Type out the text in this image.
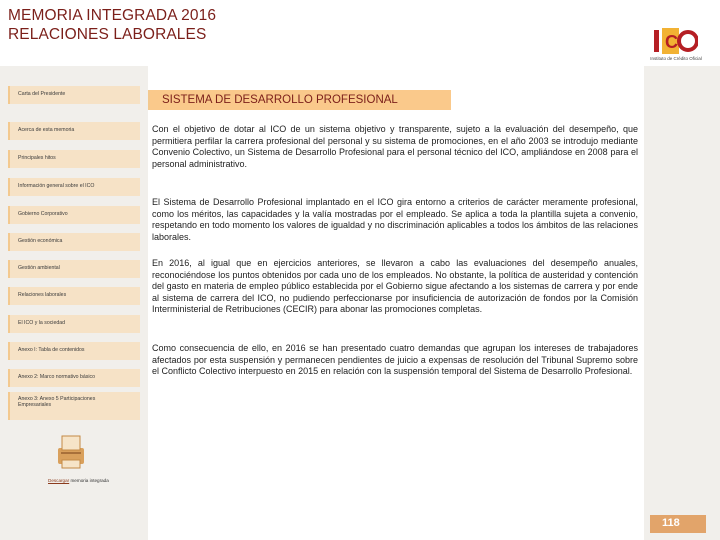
MEMORIA INTEGRADA 2016
RELACIONES LABORALES	C
Instituto de Crédito Oficial
Carta del Presidente
Acerca de esta memoria
Principales hitos
Información general sobre el ICO
Gobierno Corporativo
Gestión económica
Gestión ambiental
Relaciones laborales
El ICO y la sociedad
Anexo I: Tabla de contenidos
Anexo 2: Marco normativo básico
Anexo 3: Anexo 5 Participaciones Empresariales
SISTEMA DE DESARROLLO PROFESIONAL

Con el objetivo de dotar al ICO de un sistema objetivo y transparente, sujeto a la evaluación del desempeño, que permitiera perfilar la carrera profesional del personal y su sistema de promociones, en el año 2003 se introdujo mediante Convenio Colectivo, un Sistema de Desarrollo Profesional para el personal técnico del ICO, ampliándose en 2008 para el personal administrativo.

El Sistema de Desarrollo Profesional implantado en el ICO gira entorno a criterios de carácter meramente profesional, como los méritos, las capacidades y la valía mostradas por el empleado. Se aplica a toda la plantilla sujeta a convenio, respetando en todo momento los valores de igualdad y no discriminación aplicables a todos los ámbitos de las relaciones laborales.

En 2016, al igual que en ejercicios anteriores, se llevaron a cabo las evaluaciones del desempeño anuales, reconociéndose los puntos obtenidos por cada uno de los empleados. No obstante, la política de austeridad y contención del gasto en materia de empleo público establecida por el Gobierno sigue afectando a los sistemas de carrera y por ende al sistema de carrera del ICO, no pudiendo perfeccionarse por insuficiencia de autorización de fondos por la Comisión Interministerial de Retribuciones (CECIR) para abonar las promociones completas.

Como consecuencia de ello, en 2016 se han presentado cuatro demandas que agrupan los intereses de trabajadores afectados por esta suspensión y permanecen pendientes de juicio a expensas de resolución del Tribunal Supremo sobre el Conflicto Colectivo interpuesto en 2015 en relación con la suspensión temporal del Sistema de Desarrollo Profesional.

Descargar memoria integrada
118
